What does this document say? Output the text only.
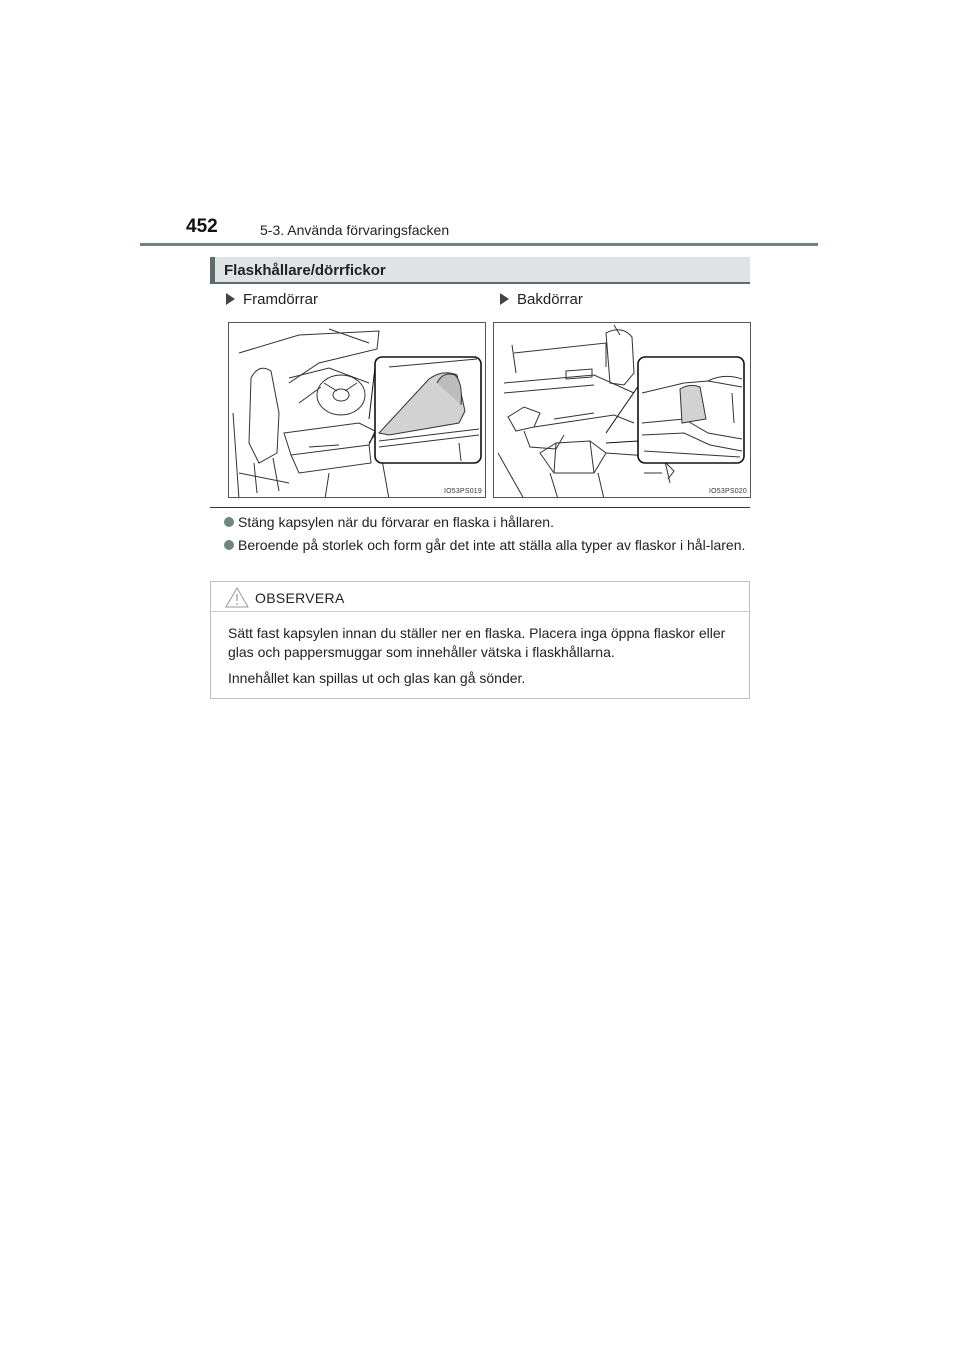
452	5-3. Använda förvaringsfacken
Flaskhållare/dörrfickor
Framdörrar	Bakdörrar
IO53PS019	IO53PS020
Stäng kapsylen när du förvarar en flaska i hållaren.
Beroende på storlek och form går det inte att ställa alla typer av flaskor i hål-laren.
OBSERVERA

Sätt fast kapsylen innan du ställer ner en flaska. Placera inga öppna flaskor eller glas och pappersmuggar som innehåller vätska i flaskhållarna.

Innehållet kan spillas ut och glas kan gå sönder.
